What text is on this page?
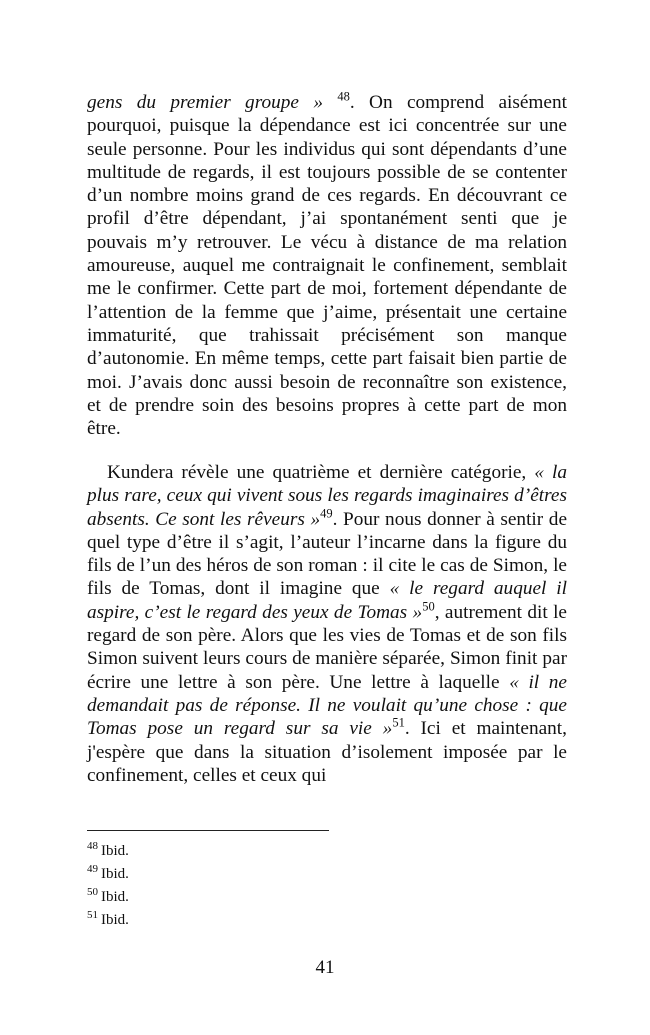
gens du premier groupe » $^{48}$. On comprend aisément pourquoi, puisque la dépendance est ici concentrée sur une seule personne. Pour les individus qui sont dépendants d’une multitude de regards, il est toujours possible de se contenter d’un nombre moins grand de ces regards. En découvrant ce profil d’être dépendant, j’ai spontanément senti que je pouvais m’y retrouver. Le vécu à distance de ma relation amoureuse, auquel me contraignait le confinement, semblait me le confirmer. Cette part de moi, fortement dépendante de l’attention de la femme que j’aime, présentait une certaine immaturité, que trahissait précisément son manque d’autonomie. En même temps, cette part faisait bien partie de moi. J’avais donc aussi besoin de reconnaître son existence, et de prendre soin des besoins propres à cette part de mon être.

Kundera révèle une quatrième et dernière catégorie, « la plus rare, ceux qui vivent sous les regards imaginaires d’êtres absents. Ce sont les rêveurs »$^{49}$. Pour nous donner à sentir de quel type d’être il s’agit, l’auteur l’incarne dans la figure du fils de l’un des héros de son roman : il cite le cas de Simon, le fils de Tomas, dont il imagine que « le regard auquel il aspire, c’est le regard des yeux de Tomas »$^{50}$, autrement dit le regard de son père. Alors que les vies de Tomas et de son fils Simon suivent leurs cours de manière séparée, Simon finit par écrire une lettre à son père. Une lettre à laquelle « il ne demandait pas de réponse. Il ne voulait qu’une chose : que Tomas pose un regard sur sa vie »$^{51}$. Ici et maintenant, j'espère que dans la situation d’isolement imposée par le confinement, celles et ceux qui

$^{48}$ Ibid.
$^{49}$ Ibid.
$^{50}$ Ibid.
$^{51}$ Ibid.
41
